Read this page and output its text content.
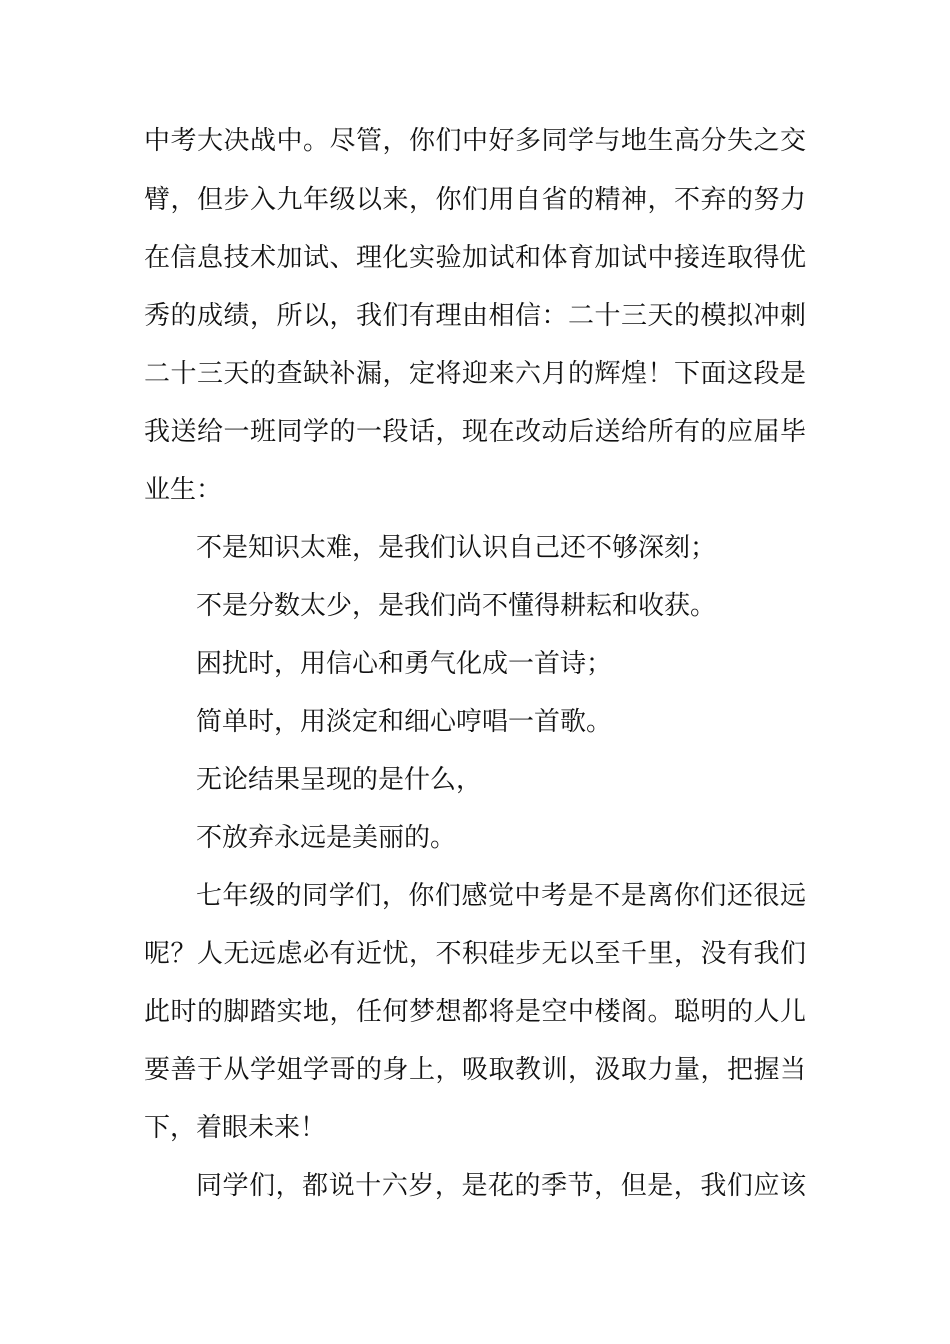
中考大决战中。尽管，你们中好多同学与地生高分失之交
臂，但步入九年级以来，你们用自省的精神，不弃的努力
在信息技术加试、理化实验加试和体育加试中接连取得优
秀的成绩，所以，我们有理由相信：二十三天的模拟冲刺
二十三天的查缺补漏，定将迎来六月的辉煌！下面这段是
我送给一班同学的一段话，现在改动后送给所有的应届毕
业生：
不是知识太难，是我们认识自己还不够深刻；
不是分数太少，是我们尚不懂得耕耘和收获。
困扰时，用信心和勇气化成一首诗；
简单时，用淡定和细心哼唱一首歌。
无论结果呈现的是什么，
不放弃永远是美丽的。
七年级的同学们，你们感觉中考是不是离你们还很远
呢？人无远虑必有近忧，不积硅步无以至千里，没有我们
此时的脚踏实地，任何梦想都将是空中楼阁。聪明的人儿
要善于从学姐学哥的身上，吸取教训，汲取力量，把握当
下，着眼未来！
同学们，都说十六岁，是花的季节，但是，我们应该
